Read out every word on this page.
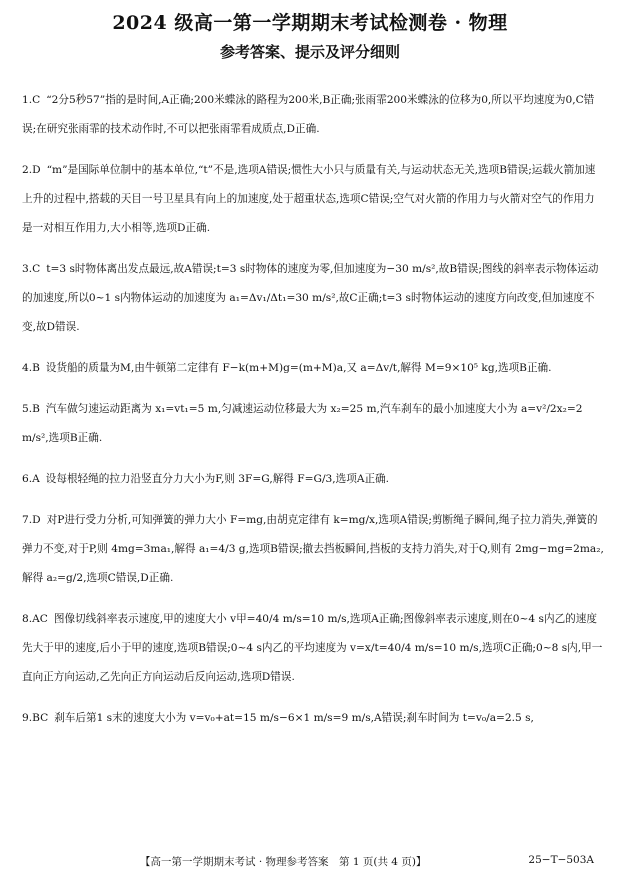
2024 级高一第一学期期末考试检测卷 · 物理
参考答案、提示及评分细则

1.C “2分5秒57”指的是时间,A正确;200米蝶泳的路程为200米,B正确;张雨霏200米蝶泳的位移为0,所以平均速度为0,C错误;在研究张雨霏的技术动作时,不可以把张雨霏看成质点,D正确.

2.D “m”是国际单位制中的基本单位,“t”不是,选项A错误;惯性大小只与质量有关,与运动状态无关,选项B错误;运载火箭加速上升的过程中,搭载的天目一号卫星具有向上的加速度,处于超重状态,选项C错误;空气对火箭的作用力与火箭对空气的作用力是一对相互作用力,大小相等,选项D正确.

3.C t=3 s时物体离出发点最远,故A错误;t=3 s时物体的速度为零,但加速度为−30 m/s²,故B错误;图线的斜率表示物体运动的加速度,所以0~1 s内物体运动的加速度为 a₁=Δv₁/Δt₁=30 m/s²,故C正确;t=3 s时物体运动的速度方向改变,但加速度不变,故D错误.

4.B 设货船的质量为M,由牛顿第二定律有 F−k(m+M)g=(m+M)a,又 a=Δv/t,解得 M=9×10⁵ kg,选项B正确.

5.B 汽车做匀速运动距离为 x₁=vt₁=5 m,匀减速运动位移最大为 x₂=25 m,汽车刹车的最小加速度大小为 a=v²/2x₂=2 m/s²,选项B正确.

6.A 设每根轻绳的拉力沿竖直分力大小为F,则 3F=G,解得 F=G/3,选项A正确.

7.D 对P进行受力分析,可知弹簧的弹力大小 F=mg,由胡克定律有 k=mg/x,选项A错误;剪断绳子瞬间,绳子拉力消失,弹簧的弹力不变,对于P,则 4mg=3ma₁,解得 a₁=4/3 g,选项B错误;撤去挡板瞬间,挡板的支持力消失,对于Q,则有 2mg−mg=2ma₂,解得 a₂=g/2,选项C错误,D正确.

8.AC 图像切线斜率表示速度,甲的速度大小 v甲=40/4 m/s=10 m/s,选项A正确;图像斜率表示速度,则在0~4 s内乙的速度先大于甲的速度,后小于甲的速度,选项B错误;0~4 s内乙的平均速度为 v=x/t=40/4 m/s=10 m/s,选项C正确;0~8 s内,甲一直向正方向运动,乙先向正方向运动后反向运动,选项D错误.

9.BC 刹车后第1 s末的速度大小为 v=v₀+at=15 m/s−6×1 m/s=9 m/s,A错误;刹车时间为 t=v₀/a=2.5 s,

【高一第一学期期末考试 · 物理参考答案　第 1 页(共 4 页)】	25−T−503A
